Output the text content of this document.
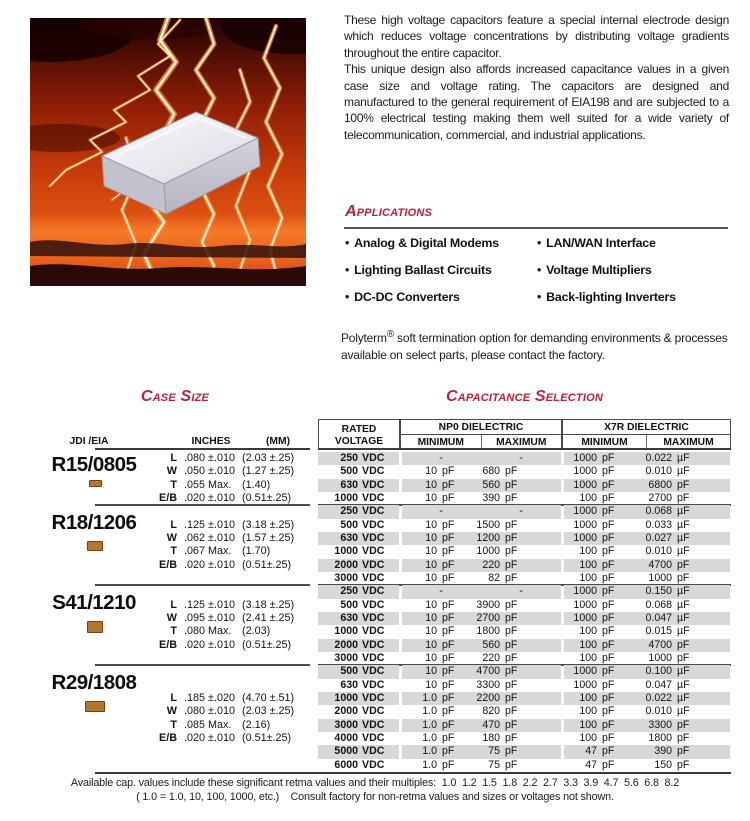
These high voltage capacitors feature a special internal electrode design which reduces voltage concentrations by distributing voltage gradients throughout the entire capacitor.

This unique design also affords increased capacitance values in a given case size and voltage rating. The capacitors are designed and manufactured to the general requirement of EIA198 and are subjected to a 100% electrical testing making them well suited for a wide variety of telecommunication, commercial, and industrial applications.

Applications
• Analog & Digital Modems
• Lighting Ballast Circuits
• DC-DC Converters
• LAN/WAN Interface
• Voltage Multipliers
• Back-lighting Inverters

Polyterm® soft termination option for demanding environments & processes available on select parts, please contact the factory.

Case Size	Capacitance Selection
JDI /EIA	INCHES	(MM)
RATED
VOLTAGE
NP0 DIELECTRIC
MINIMUM	MAXIMUM
X7R DIELECTRIC
MINIMUM	MAXIMUM
R15/0805	L .080 ±.010 (2.03 ±.25)
W .050 ±.010 (1.27 ±.25)
T .055 Max. (1.40)
E/B .020 ±.010 (0.51±.25)
250 VDC	-	-	1000 pF	0.022 µF
500 VDC	10 pF	680 pF	1000 pF	0.010 µF
630 VDC	10 pF	560 pF	1000 pF	6800 pF
1000 VDC	10 pF	390 pF	100 pF	2700 pF
R18/1206	L .125 ±.010 (3.18 ±.25)
W .062 ±.010 (1.57 ±.25)
T .067 Max. (1.70)
E/B .020 ±.010 (0.51±.25)
250 VDC	-	-	1000 pF	0.068 µF
500 VDC	10 pF	1500 pF	1000 pF	0.033 µF
630 VDC	10 pF	1200 pF	1000 pF	0.027 µF
1000 VDC	10 pF	1000 pF	100 pF	0.010 µF
2000 VDC	10 pF	220 pF	100 pF	4700 pF
3000 VDC	10 pF	82 pF	100 pF	1000 pF
S41/1210	L .125 ±.010 (3.18 ±.25)
W .095 ±.010 (2.41 ±.25)
T .080 Max. (2.03)
E/B .020 ±.010 (0.51±.25)
250 VDC	-	-	1000 pF	0.150 µF
500 VDC	10 pF	3900 pF	1000 pF	0.068 µF
630 VDC	10 pF	2700 pF	1000 pF	0.047 µF
1000 VDC	10 pF	1800 pF	100 pF	0.015 µF
2000 VDC	10 pF	560 pF	100 pF	4700 pF
3000 VDC	10 pF	220 pF	100 pF	1000 pF
R29/1808
L .185 ±.020 (4.70 ±.51)
W .080 ±.010 (2.03 ±.25)
T .085 Max. (2.16)
E/B .020 ±.010 (0.51±.25)
500 VDC	10 pF	4700 pF	1000 pF	0.100 µF
630 VDC	10 pF	3300 pF	1000 pF	0.047 µF
1000 VDC	1.0 pF	2200 pF	100 pF	0.022 µF
2000 VDC	1.0 pF	820 pF	100 pF	0.010 µF
3000 VDC	1.0 pF	470 pF	100 pF	3300 pF
4000 VDC	1.0 pF	180 pF	100 pF	1800 pF
5000 VDC	1.0 pF	75 pF	47 pF	390 pF
6000 VDC	1.0 pF	75 pF	47 pF	150 pF
Available cap. values include these significant retma values and their multiples:  1.0  1.2  1.5  1.8  2.2  2.7  3.3  3.9  4.7  5.6  6.8  8.2
( 1.0 = 1.0, 10, 100, 1000, etc.)    Consult factory for non-retma values and sizes or voltages not shown.
